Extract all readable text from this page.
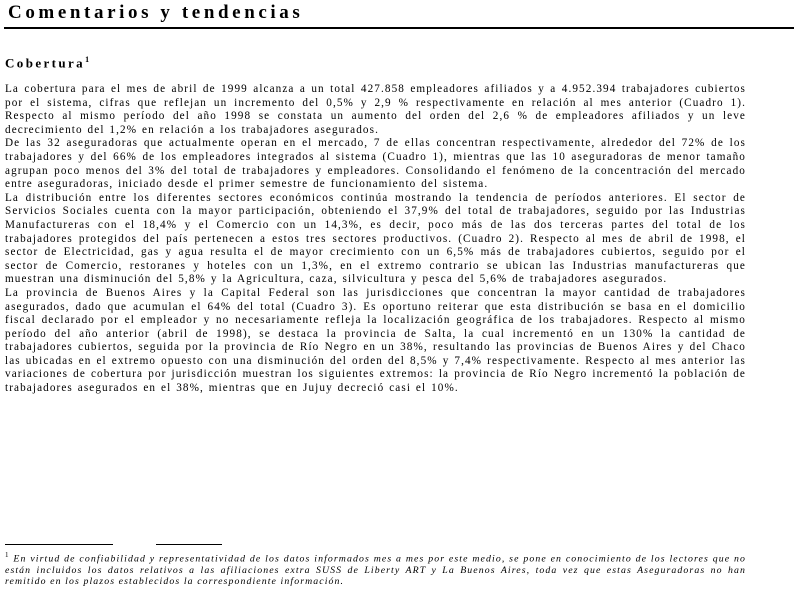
Comentarios y tendencias
Cobertura$^1$

La cobertura para el mes de abril de 1999 alcanza a un total 427.858 empleadores afiliados y a 4.952.394 trabajadores cubiertos por el sistema, cifras que reflejan un incremento del 0,5% y 2,9 % respectivamente en relación al mes anterior (Cuadro 1). Respecto al mismo período del año 1998 se constata un aumento del orden del 2,6 % de empleadores afiliados y un leve decrecimiento del 1,2% en relación a los trabajadores asegurados.

De las 32 aseguradoras que actualmente operan en el mercado, 7 de ellas concentran respectivamente, alrededor del 72% de los trabajadores y del 66% de los empleadores integrados al sistema (Cuadro 1), mientras que las 10 aseguradoras de menor tamaño agrupan poco menos del 3% del total de trabajadores y empleadores. Consolidando el fenómeno de la concentración del mercado entre aseguradoras, iniciado desde el primer semestre de funcionamiento del sistema.

La distribución entre los diferentes sectores económicos continúa mostrando la tendencia de períodos anteriores. El sector de Servicios Sociales cuenta con la mayor participación, obteniendo el 37,9% del total de trabajadores, seguido por las Industrias Manufactureras con el 18,4% y el Comercio con un 14,3%, es decir, poco más de las dos terceras partes del total de los trabajadores protegidos del país pertenecen a estos tres sectores productivos. (Cuadro 2). Respecto al mes de abril de 1998, el sector de Electricidad, gas y agua resulta el de mayor crecimiento con un 6,5% más de trabajadores cubiertos, seguido por el sector de Comercio, restoranes y hoteles con un 1,3%, en el extremo contrario se ubican las Industrias manufactureras que muestran una disminución del 5,8% y la Agricultura, caza, silvicultura y pesca del 5,6% de trabajadores asegurados.

La provincia de Buenos Aires y la Capital Federal son las jurisdicciones que concentran la mayor cantidad de trabajadores asegurados, dado que acumulan el 64% del total (Cuadro 3). Es oportuno reiterar que esta distribución se basa en el domicilio fiscal declarado por el empleador y no necesariamente refleja la localización geográfica de los trabajadores. Respecto al mismo período del año anterior (abril de 1998), se destaca la provincia de Salta, la cual incrementó en un 130% la cantidad de trabajadores cubiertos, seguida por la provincia de Río Negro en un 38%, resultando las provincias de Buenos Aires y del Chaco las ubicadas en el extremo opuesto con una disminución del orden del 8,5% y 7,4% respectivamente. Respecto al mes anterior las variaciones de cobertura por jurisdicción muestran los siguientes extremos: la provincia de Río Negro incrementó la población de trabajadores asegurados en el 38%, mientras que en Jujuy decreció casi el 10%.

$^1$ En virtud de confiabilidad y representatividad de los datos informados mes a mes por este medio, se pone en conocimiento de los lectores que no están incluidos los datos relativos a las afiliaciones extra SUSS de Liberty ART y La Buenos Aires, toda vez que estas Aseguradoras no han remitido en los plazos establecidos la correspondiente información.
